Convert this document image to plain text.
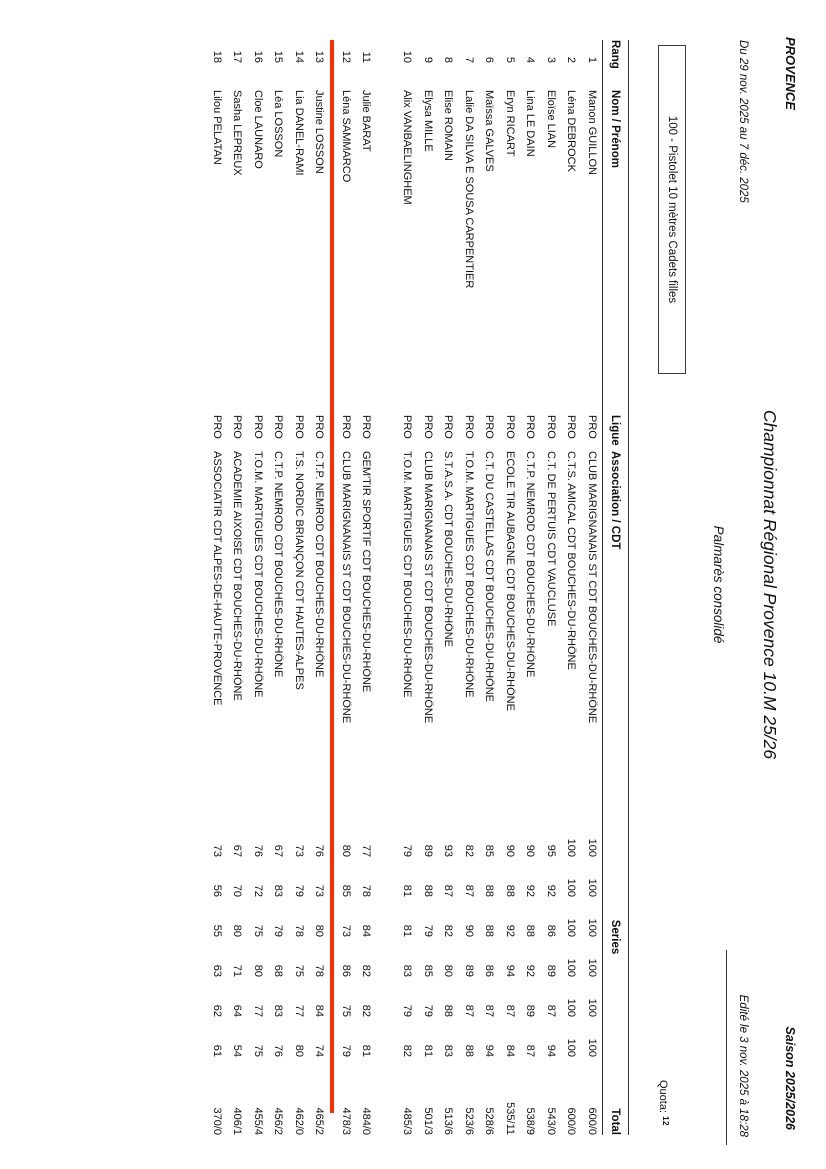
PROVENCE
Saison 2025/2026
Championnat Régional Provence 10.M 25/26
Du 29 nov. 2025 au 7 déc. 2025
Edité le 3 nov. 2025 à 18:28
Palmarès consolidé
100 - Pistolet 10 mètres Cadets filles
Quota: $^{12}$
Rang
Nom / Prénom
Ligue
Association / CDT
Series
Total
1
Manon GUILLON
PRO
CLUB MARIGNANAIS ST CDT BOUCHES-DU-RHÔNE
100
100
100
100
100
100
600/0
2
Léna DEBROCK
PRO
C.T.S. AMICAL CDT BOUCHES-DU-RHÔNE
100
100
100
100
100
100
600/0
3
Eloïse LIAN
PRO
C.T. DE PERTUIS CDT VAUCLUSE
95
92
86
89
87
94
543/0
4
Lina LE DAIN
PRO
C.T.P. NEMROD CDT BOUCHES-DU-RHÔNE
90
92
88
92
89
87
538/9
5
Eryn RICART
PRO
ECOLE TIR AUBAGNE CDT BOUCHES-DU-RHÔNE
90
88
92
94
87
84
535/11
6
Maïssa GALVES
PRO
C.T. DU CASTELLAS CDT BOUCHES-DU-RHÔNE
85
88
88
86
87
94
528/6
7
Lalie DA SILVA E SOUSA CARPENTIER
PRO
T.O.M. MARTIGUES CDT BOUCHES-DU-RHÔNE
82
87
90
89
87
88
523/6
8
Elise ROMAIN
PRO
S.T.A.S.A. CDT BOUCHES-DU-RHÔNE
93
87
82
80
88
83
513/6
9
Elysa MILLE
PRO
CLUB MARIGNANAIS ST CDT BOUCHES-DU-RHÔNE
89
88
79
85
79
81
501/3
10
Alix VANBAELINGHEM
PRO
T.O.M. MARTIGUES CDT BOUCHES-DU-RHÔNE
79
81
81
83
79
82
485/3
11
Julie BARAT
PRO
GEM'TIR SPORTIF CDT BOUCHES-DU-RHÔNE
77
78
84
82
82
81
484/0
12
Léna SAMMARCO
PRO
CLUB MARIGNANAIS ST CDT BOUCHES-DU-RHÔNE
80
85
73
86
75
79
478/3
13
Justine LOSSON
PRO
C.T.P. NEMROD CDT BOUCHES-DU-RHÔNE
76
73
80
78
84
74
465/2
14
Lia DANEL-RAMI
PRO
T.S. NORDIC BRIANÇON CDT HAUTES-ALPES
73
79
78
75
77
80
462/0
15
Léa LOSSON
PRO
C.T.P. NEMROD CDT BOUCHES-DU-RHÔNE
67
83
79
68
83
76
456/2
16
Cloe LAUNARO
PRO
T.O.M. MARTIGUES CDT BOUCHES-DU-RHÔNE
76
72
75
80
77
75
455/4
17
Sasha LEPREUX
PRO
ACADEMIE AIXOISE CDT BOUCHES-DU-RHÔNE
67
70
80
71
64
54
406/1
18
Lilou PELATAN
PRO
ASSOCIATIR CDT ALPES-DE-HAUTE-PROVENCE
73
56
55
63
62
61
370/0
